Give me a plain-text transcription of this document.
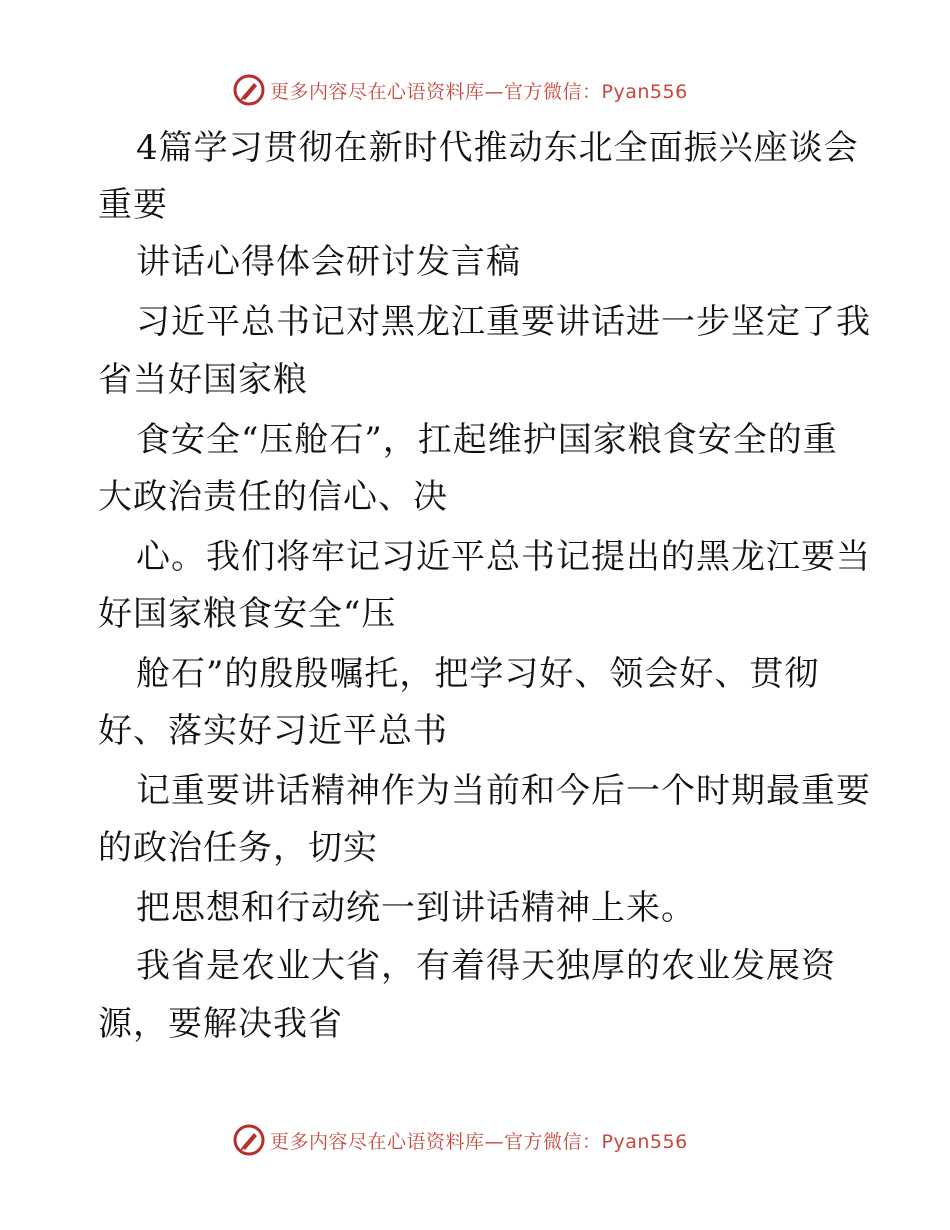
更多内容尽在心语资料库—官方微信：Pyan556
4篇学习贯彻在新时代推动东北全面振兴座谈会
重要
讲话心得体会研讨发言稿
习近平总书记对黑龙江重要讲话进一步坚定了我
省当好国家粮
食安全“压舱石”，扛起维护国家粮食安全的重
大政治责任的信心、决
心。我们将牢记习近平总书记提出的黑龙江要当
好国家粮食安全“压
舱石”的殷殷嘱托，把学习好、领会好、贯彻
好、落实好习近平总书
记重要讲话精神作为当前和今后一个时期最重要
的政治任务，切实
把思想和行动统一到讲话精神上来。
我省是农业大省，有着得天独厚的农业发展资
源，要解决我省
更多内容尽在心语资料库—官方微信：Pyan556
